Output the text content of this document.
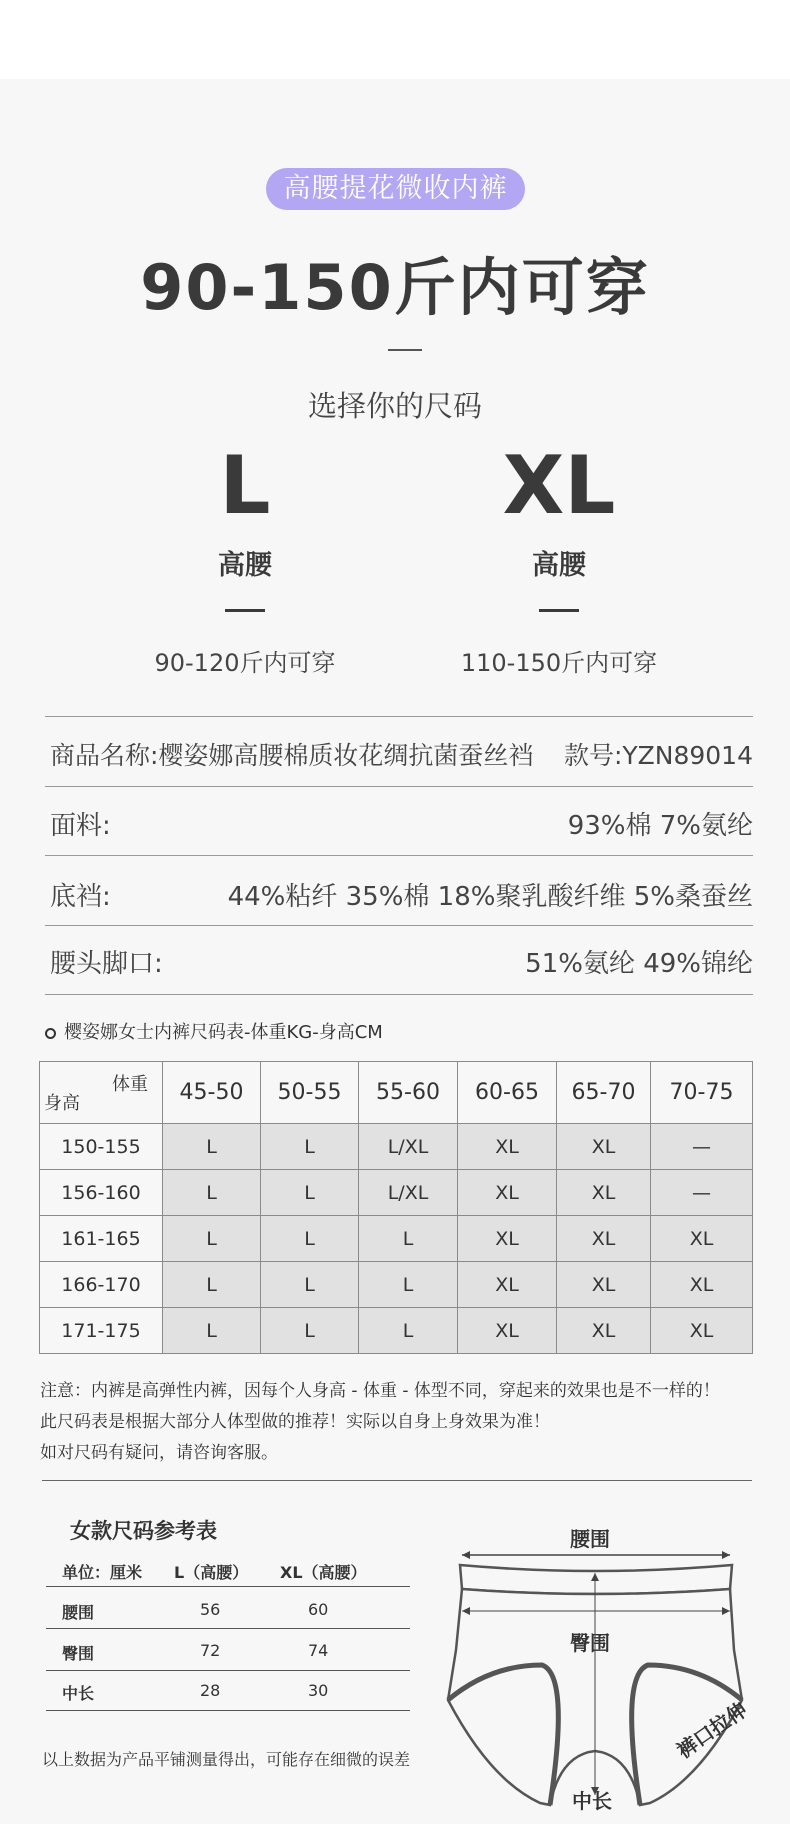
高腰提花微收内裤
90-150斤内可穿
选择你的尺码
L
高腰
90-120斤内可穿
XL
高腰
110-150斤内可穿
商品名称:樱姿娜高腰棉质妆花绸抗菌蚕丝裆 款号:YZN89014
面料:	93%棉 7%氨纶
底裆:	44%粘纤 35%棉 18%聚乳酸纤维 5%桑蚕丝
腰头脚口:	51%氨纶 49%锦纶
樱姿娜女士内裤尺码表-体重KG-身高CM
体重
身高	45-50	50-55	55-60	60-65	65-70	70-75
150-155	L	L	L/XL	XL	XL	—
156-160	L	L	L/XL	XL	XL	—
161-165	L	L	L	XL	XL	XL
166-170	L	L	L	XL	XL	XL
171-175	L	L	L	XL	XL	XL
注意：内裤是高弹性内裤，因每个人身高 - 体重 - 体型不同，穿起来的效果也是不一样的！
此尺码表是根据大部分人体型做的推荐！实际以自身上身效果为准！
如对尺码有疑问，请咨询客服。
女款尺码参考表
单位：厘米 L（高腰） XL（高腰）
腰围	56	60
臀围	72	74
中长	28	30
以上数据为产品平铺测量得出，可能存在细微的误差
腰围
臀围
中长
裤口拉伸
